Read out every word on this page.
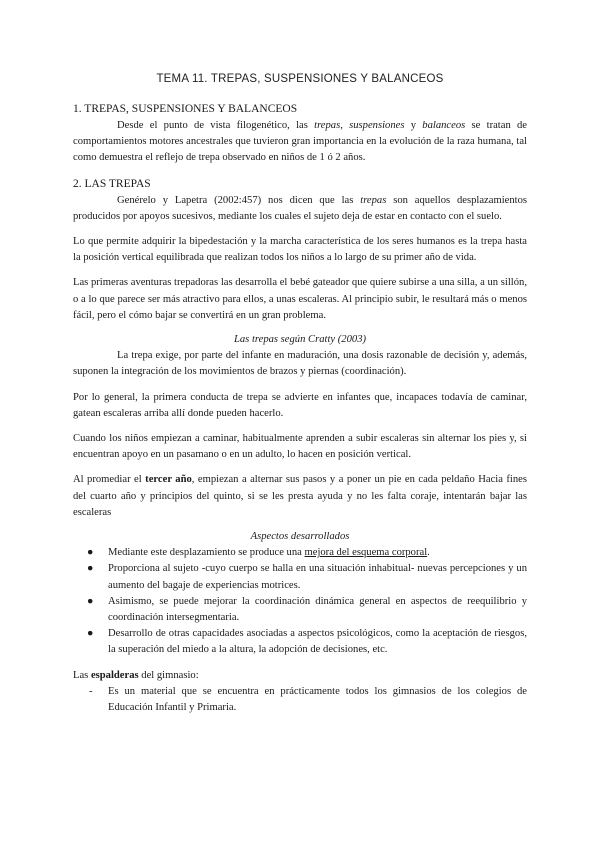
TEMA 11. TREPAS, SUSPENSIONES Y BALANCEOS
1. TREPAS, SUSPENSIONES Y BALANCEOS

Desde el punto de vista filogenético, las trepas, suspensiones y balanceos se tratan de comportamientos motores ancestrales que tuvieron gran importancia en la evolución de la raza humana, tal como demuestra el reflejo de trepa observado en niños de 1 ó 2 años.

2. LAS TREPAS

Genérelo y Lapetra (2002:457) nos dicen que las trepas son aquellos desplazamientos producidos por apoyos sucesivos, mediante los cuales el sujeto deja de estar en contacto con el suelo.

Lo que permite adquirir la bipedestación y la marcha característica de los seres humanos es la trepa hasta la posición vertical equilibrada que realizan todos los niños a lo largo de su primer año de vida.

Las primeras aventuras trepadoras las desarrolla el bebé gateador que quiere subirse a una silla, a un sillón, o a lo que parece ser más atractivo para ellos, a unas escaleras. Al principio subir, le resultará más o menos fácil, pero el cómo bajar se convertirá en un gran problema.

Las trepas según Cratty (2003)

La trepa exige, por parte del infante en maduración, una dosis razonable de decisión y, además, suponen la integración de los movimientos de brazos y piernas (coordinación).

Por lo general, la primera conducta de trepa se advierte en infantes que, incapaces todavía de caminar, gatean escaleras arriba allí donde pueden hacerlo.

Cuando los niños empiezan a caminar, habitualmente aprenden a subir escaleras sin alternar los pies y, si encuentran apoyo en un pasamano o en un adulto, lo hacen en posición vertical.

Al promediar el tercer año, empiezan a alternar sus pasos y a poner un pie en cada peldaño Hacia fines del cuarto año y principios del quinto, si se les presta ayuda y no les falta coraje, intentarán bajar las escaleras

Aspectos desarrollados

● Mediante este desplazamiento se produce una mejora del esquema corporal.
● Proporciona al sujeto -cuyo cuerpo se halla en una situación inhabitual- nuevas percepciones y un aumento del bagaje de experiencias motrices.
● Asimismo, se puede mejorar la coordinación dinámica general en aspectos de reequilibrio y coordinación intersegmentaria.
● Desarrollo de otras capacidades asociadas a aspectos psicológicos, como la aceptación de riesgos, la superación del miedo a la altura, la adopción de decisiones, etc.

Las espalderas del gimnasio:

- Es un material que se encuentra en prácticamente todos los gimnasios de los colegios de Educación Infantil y Primaria.
